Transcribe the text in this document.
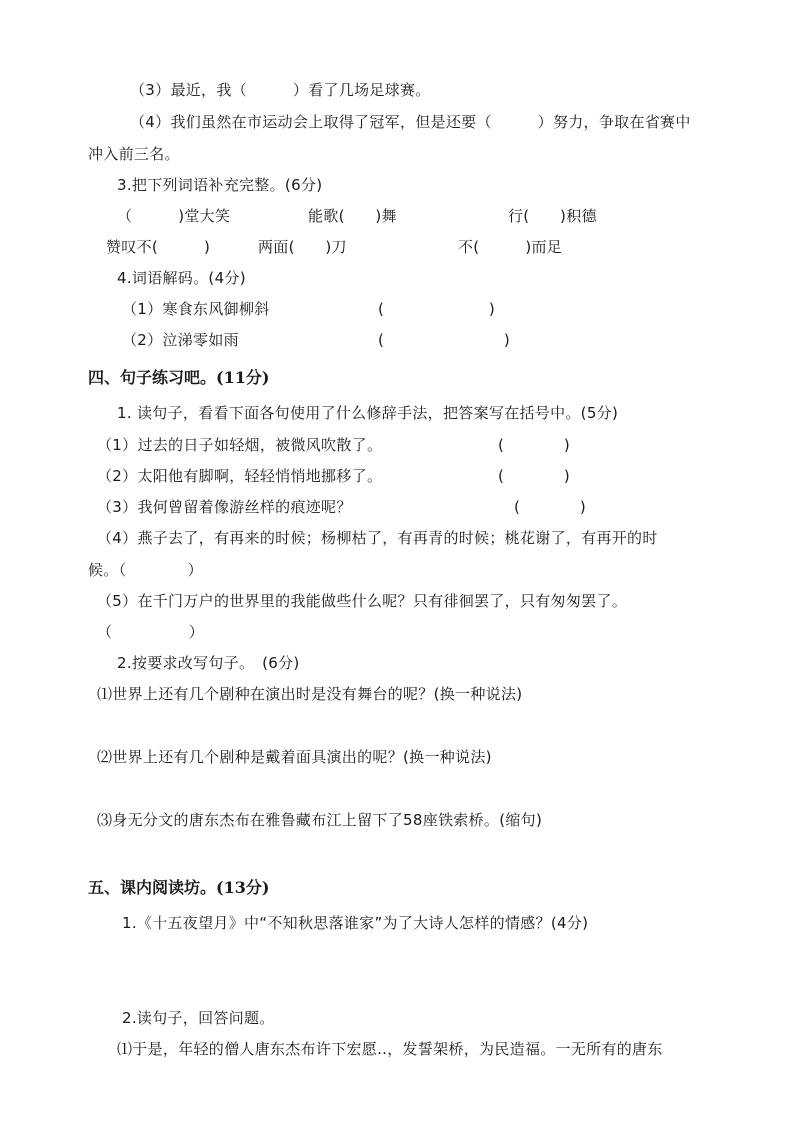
（3）最近，我（　　　）看了几场足球赛。
（4）我们虽然在市运动会上取得了冠军，但是还要（　　　）努力，争取在省赛中
冲入前三名。
3.把下列词语补充完整。(6分)
（　　　)堂大笑	能歌(　　)舞	行(　　)积德
赞叹不(　　　)	两面(　　)刀	不(　　　)而足
4.词语解码。(4分)
（1）寒食东风御柳斜	(　　　　　　　)
（2）泣涕零如雨	(　　　　　　　　)
四、句子练习吧。(11分)
1. 读句子，看看下面各句使用了什么修辞手法，把答案写在括号中。(5分)
（1）过去的日子如轻烟，被微风吹散了。	(　　　　)
（2）太阳他有脚啊，轻轻悄悄地挪移了。	(　　　　)
（3）我何曾留着像游丝样的痕迹呢？	(　　　　)
（4）燕子去了，有再来的时候；杨柳枯了，有再青的时候；桃花谢了，有再开的时
候。（　　　　）
（5）在千门万户的世界里的我能做些什么呢？只有徘徊罢了，只有匆匆罢了。
（　　　　　）
2.按要求改写句子。　(6分)
⑴世界上还有几个剧种在演出时是没有舞台的呢？(换一种说法)
⑵世界上还有几个剧种是戴着面具演出的呢？(换一种说法)
⑶身无分文的唐东杰布在雅鲁藏布江上留下了58座铁索桥。(缩句)
五、课内阅读坊。(13分)
1.《十五夜望月》中“不知秋思落谁家”为了大诗人怎样的情感？(4分)
2.读句子，回答问题。
⑴于是，年轻的僧人唐东杰布许下宏愿..，发誓架桥，为民造福。一无所有的唐东
